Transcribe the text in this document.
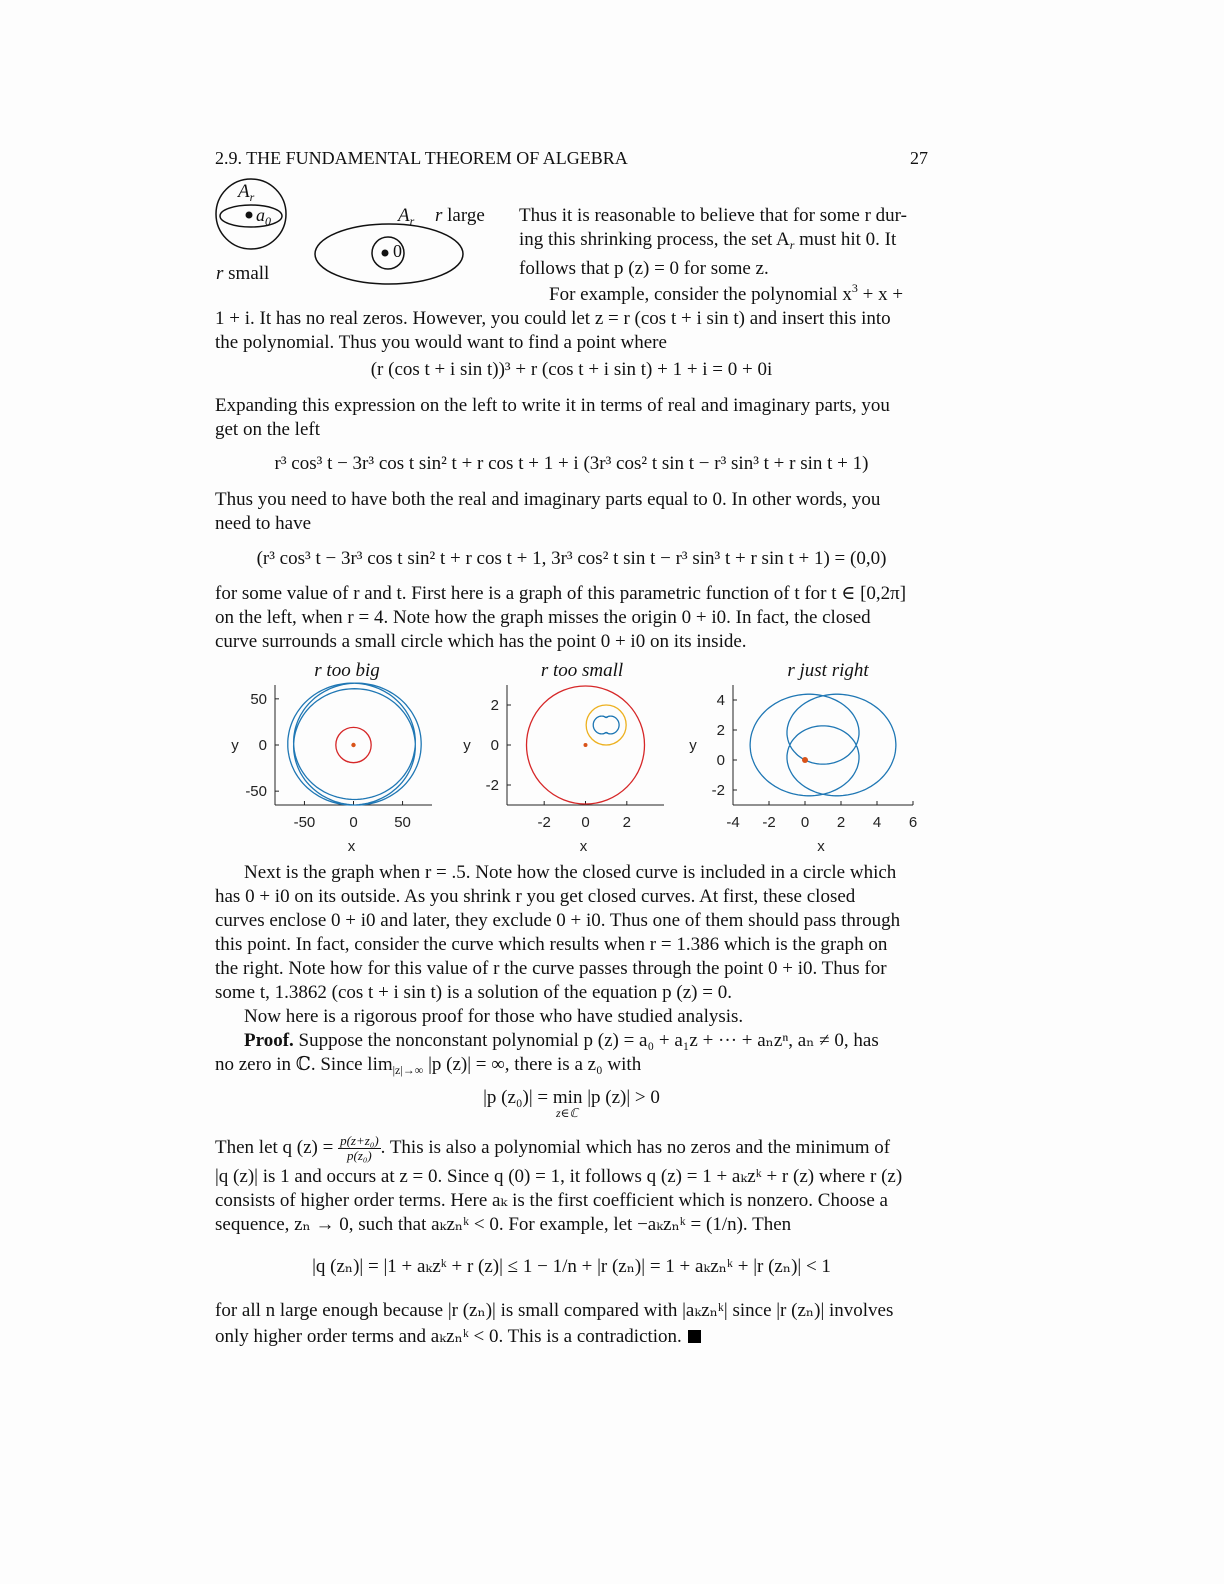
2.9. THE FUNDAMENTAL THEOREM OF ALGEBRA	27
$A_r$
$a_0$
r small
$A_r$ r large
0
Thus it is reasonable to believe that for some r dur-
ing this shrinking process, the set $A_r$ must hit 0. It
follows that p (z) = 0 for some z.
For example, consider the polynomial $x^3 + x$ +
1 + i. It has no real zeros. However, you could let z = r (cos t + i sin t) and insert this into
the polynomial. Thus you would want to find a point where
(r (cos t + i sin t))³ + r (cos t + i sin t) + 1 + i = 0 + 0i
Expanding this expression on the left to write it in terms of real and imaginary parts, you
get on the left
r³ cos³ t − 3r³ cos t sin² t + r cos t + 1 + i (3r³ cos² t sin t − r³ sin³ t + r sin t + 1)
Thus you need to have both the real and imaginary parts equal to 0. In other words, you
need to have
(r³ cos³ t − 3r³ cos t sin² t + r cos t + 1, 3r³ cos² t sin t − r³ sin³ t + r sin t + 1) = (0,0)
for some value of r and t. First here is a graph of this parametric function of t for t ∈ [0,2π]
on the left, when r = 4. Note how the graph misses the origin 0 + i0. In fact, the closed
curve surrounds a small circle which has the point 0 + i0 on its inside.
r too big	r too small	r just right
-50 0 50
50
0
-50
x
y
-2 0 2
2
0
-2
x
y
-4 -2 0 2 4 6
4
2
0
-2
x
y
Next is the graph when r = .5. Note how the closed curve is included in a circle which
has 0 + i0 on its outside. As you shrink r you get closed curves. At first, these closed
curves enclose 0 + i0 and later, they exclude 0 + i0. Thus one of them should pass through
this point. In fact, consider the curve which results when r = 1.386 which is the graph on
the right. Note how for this value of r the curve passes through the point 0 + i0. Thus for
some t, 1.3862 (cos t + i sin t) is a solution of the equation p (z) = 0.
Now here is a rigorous proof for those who have studied analysis.
Proof. Suppose the nonconstant polynomial p (z) = a₀ + a₁z + ··· + aₙzⁿ, aₙ ≠ 0, has
no zero in ℂ. Since $\lim_{|z|\to\infty} |p$ (z)| = ∞, there is a z₀ with
|p (z₀)| = min |p (z)| > 0
z∈ℂ
Then let q $(z) = \frac{\text{p(z+z₀)}}{\text{p(z₀)}}$ . This is also a polynomial which has no zeros and the minimum of
|q (z)| is 1 and occurs at z = 0. Since q (0) = 1, it follows q (z) = 1 + aₖzᵏ + r (z) where r (z)
consists of higher order terms. Here aₖ is the first coefficient which is nonzero. Choose a
sequence, zₙ → 0, such that aₖzₙᵏ < 0. For example, let −aₖzₙᵏ = (1/n). Then
|q (zₙ)| = |1 + aₖzᵏ + r (z)| ≤ 1 − 1/n + |r (zₙ)| = 1 + aₖzₙᵏ + |r (zₙ)| < 1
for all n large enough because |r (zₙ)| is small compared with |aₖzₙᵏ| since |r (zₙ)| involves
only higher order terms and aₖzₙᵏ < 0. This is a contradiction.
